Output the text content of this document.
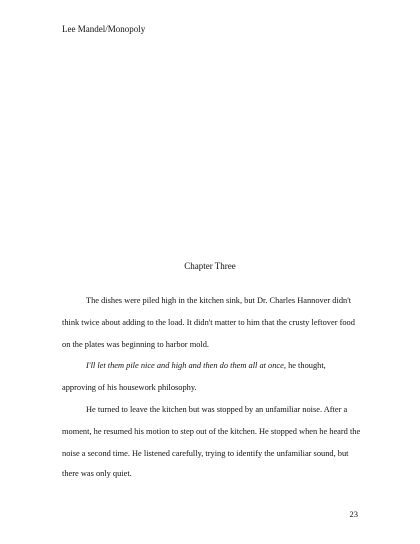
Lee Mandel/Monopoly
Chapter Three
The dishes were piled high in the kitchen sink, but Dr. Charles Hannover didn't
think twice about adding to the load. It didn't matter to him that the crusty leftover food
on the plates was beginning to harbor mold.
I'll let them pile nice and high and then do them all at once, he thought,
approving of his housework philosophy.
He turned to leave the kitchen but was stopped by an unfamiliar noise. After a
moment, he resumed his motion to step out of the kitchen. He stopped when he heard the
noise a second time. He listened carefully, trying to identify the unfamiliar sound, but
there was only quiet.
23
